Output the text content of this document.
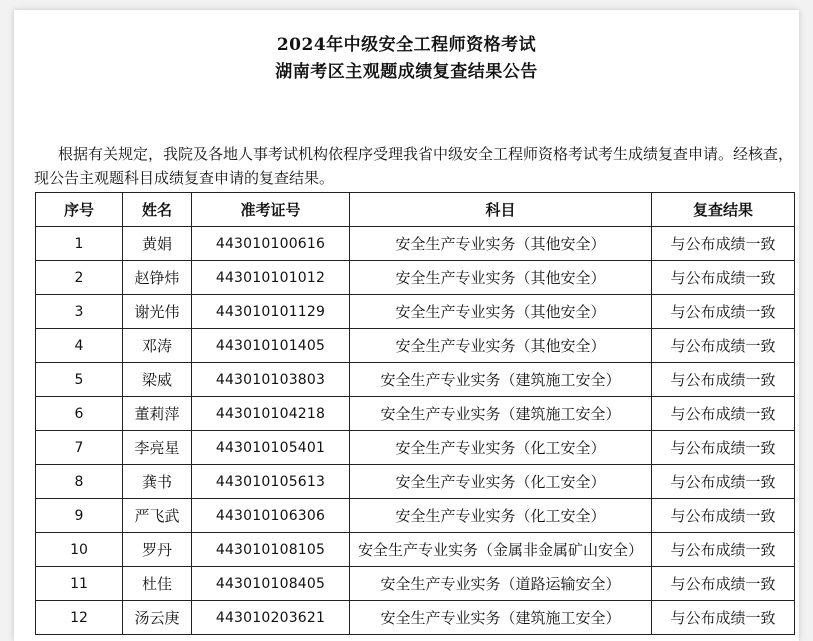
2024年中级安全工程师资格考试
湖南考区主观题成绩复查结果公告
根据有关规定，我院及各地人事考试机构依程序受理我省中级安全工程师资格考试考生成绩复查申请。经核查，现公告主观题科目成绩复查申请的复查结果。
序号	姓名	准考证号	科目	复查结果
1	黄娟	443010100616	安全生产专业实务（其他安全）	与公布成绩一致
2	赵铮炜	443010101012	安全生产专业实务（其他安全）	与公布成绩一致
3	谢光伟	443010101129	安全生产专业实务（其他安全）	与公布成绩一致
4	邓涛	443010101405	安全生产专业实务（其他安全）	与公布成绩一致
5	梁威	443010103803	安全生产专业实务（建筑施工安全）	与公布成绩一致
6	董莉萍	443010104218	安全生产专业实务（建筑施工安全）	与公布成绩一致
7	李亮星	443010105401	安全生产专业实务（化工安全）	与公布成绩一致
8	龚书	443010105613	安全生产专业实务（化工安全）	与公布成绩一致
9	严飞武	443010106306	安全生产专业实务（化工安全）	与公布成绩一致
10	罗丹	443010108105	安全生产专业实务（金属非金属矿山安全）	与公布成绩一致
11	杜佳	443010108405	安全生产专业实务（道路运输安全）	与公布成绩一致
12	汤云庚	443010203621	安全生产专业实务（建筑施工安全）	与公布成绩一致
